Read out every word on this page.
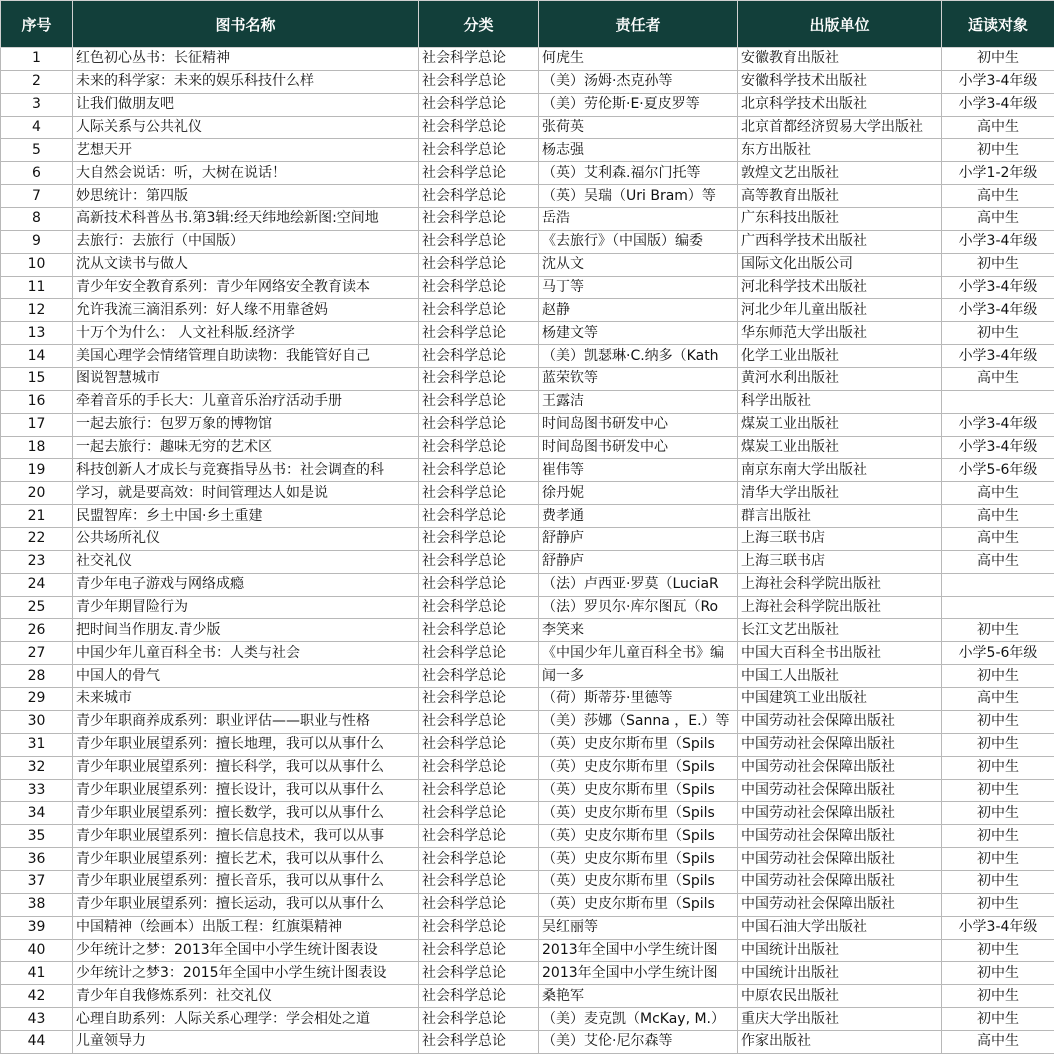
序号	图书名称	分类	责任者	出版单位	适读对象
1	红色初心丛书：长征精神	社会科学总论	何虎生	安徽教育出版社	初中生
2	未来的科学家：未来的娱乐科技什么样	社会科学总论	（美）汤姆·杰克孙等	安徽科学技术出版社	小学3-4年级
3	让我们做朋友吧	社会科学总论	（美）劳伦斯·E·夏皮罗等	北京科学技术出版社	小学3-4年级
4	人际关系与公共礼仪	社会科学总论	张荷英	北京首都经济贸易大学出版社	高中生
5	艺想天开	社会科学总论	杨志强	东方出版社	初中生
6	大自然会说话：听，大树在说话！	社会科学总论	（英）艾利森.福尔门托等	敦煌文艺出版社	小学1-2年级
7	妙思统计：第四版	社会科学总论	（英）吴瑞（Uri Bram）等	高等教育出版社	高中生
8	高新技术科普丛书.第3辑:经天纬地绘新图:空间地	社会科学总论	岳浩	广东科技出版社	高中生
9	去旅行：去旅行（中国版）	社会科学总论	《去旅行》（中国版）编委	广西科学技术出版社	小学3-4年级
10	沈从文读书与做人	社会科学总论	沈从文	国际文化出版公司	初中生
11	青少年安全教育系列：青少年网络安全教育读本	社会科学总论	马丁等	河北科学技术出版社	小学3-4年级
12	允许我流三滴泪系列：好人缘不用靠爸妈	社会科学总论	赵静	河北少年儿童出版社	小学3-4年级
13	十万个为什么： 人文社科版.经济学	社会科学总论	杨建文等	华东师范大学出版社	初中生
14	美国心理学会情绪管理自助读物：我能管好自己	社会科学总论	（美）凯瑟琳·C.纳多（Kath	化学工业出版社	小学3-4年级
15	图说智慧城市	社会科学总论	蓝荣钦等	黄河水利出版社	高中生
16	牵着音乐的手长大：儿童音乐治疗活动手册	社会科学总论	王露洁	科学出版社	
17	一起去旅行：包罗万象的博物馆	社会科学总论	时间岛图书研发中心	煤炭工业出版社	小学3-4年级
18	一起去旅行：趣味无穷的艺术区	社会科学总论	时间岛图书研发中心	煤炭工业出版社	小学3-4年级
19	科技创新人才成长与竞赛指导丛书：社会调查的科	社会科学总论	崔伟等	南京东南大学出版社	小学5-6年级
20	学习，就是要高效：时间管理达人如是说	社会科学总论	徐丹妮	清华大学出版社	高中生
21	民盟智库：乡土中国·乡土重建	社会科学总论	费孝通	群言出版社	高中生
22	公共场所礼仪	社会科学总论	舒静庐	上海三联书店	高中生
23	社交礼仪	社会科学总论	舒静庐	上海三联书店	高中生
24	青少年电子游戏与网络成瘾	社会科学总论	（法）卢西亚·罗莫（LuciaR	上海社会科学院出版社	
25	青少年期冒险行为	社会科学总论	（法）罗贝尔·库尔图瓦（Ro	上海社会科学院出版社	
26	把时间当作朋友.青少版	社会科学总论	李笑来	长江文艺出版社	初中生
27	中国少年儿童百科全书：人类与社会	社会科学总论	《中国少年儿童百科全书》编	中国大百科全书出版社	小学5-6年级
28	中国人的骨气	社会科学总论	闻一多	中国工人出版社	初中生
29	未来城市	社会科学总论	（荷）斯蒂芬·里德等	中国建筑工业出版社	高中生
30	青少年职商养成系列：职业评估——职业与性格	社会科学总论	（美）莎娜（Sanna ，E.）等	中国劳动社会保障出版社	初中生
31	青少年职业展望系列：擅长地理，我可以从事什么	社会科学总论	（英）史皮尔斯布里（Spils	中国劳动社会保障出版社	初中生
32	青少年职业展望系列：擅长科学，我可以从事什么	社会科学总论	（英）史皮尔斯布里（Spils	中国劳动社会保障出版社	初中生
33	青少年职业展望系列：擅长设计，我可以从事什么	社会科学总论	（英）史皮尔斯布里（Spils	中国劳动社会保障出版社	初中生
34	青少年职业展望系列：擅长数学，我可以从事什么	社会科学总论	（英）史皮尔斯布里（Spils	中国劳动社会保障出版社	初中生
35	青少年职业展望系列：擅长信息技术，我可以从事	社会科学总论	（英）史皮尔斯布里（Spils	中国劳动社会保障出版社	初中生
36	青少年职业展望系列：擅长艺术，我可以从事什么	社会科学总论	（英）史皮尔斯布里（Spils	中国劳动社会保障出版社	初中生
37	青少年职业展望系列：擅长音乐，我可以从事什么	社会科学总论	（英）史皮尔斯布里（Spils	中国劳动社会保障出版社	初中生
38	青少年职业展望系列：擅长运动，我可以从事什么	社会科学总论	（英）史皮尔斯布里（Spils	中国劳动社会保障出版社	初中生
39	中国精神（绘画本）出版工程：红旗渠精神	社会科学总论	吴红丽等	中国石油大学出版社	小学3-4年级
40	少年统计之梦：2013年全国中小学生统计图表设	社会科学总论	2013年全国中小学生统计图	中国统计出版社	初中生
41	少年统计之梦3：2015年全国中小学生统计图表设	社会科学总论	2013年全国中小学生统计图	中国统计出版社	初中生
42	青少年自我修炼系列：社交礼仪	社会科学总论	桑艳军	中原农民出版社	初中生
43	心理自助系列：人际关系心理学：学会相处之道	社会科学总论	（美）麦克凯（McKay, M.）	重庆大学出版社	初中生
44	儿童领导力	社会科学总论	（美）艾伦·尼尔森等	作家出版社	高中生
